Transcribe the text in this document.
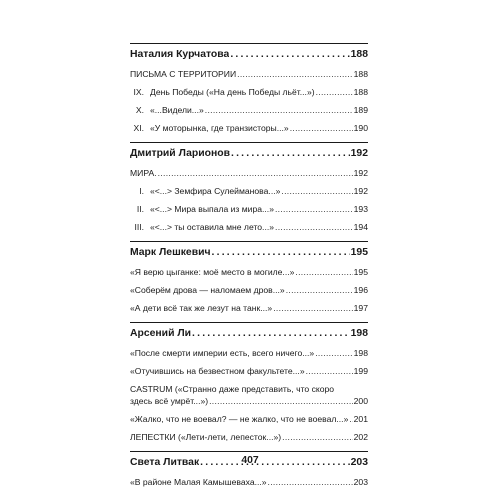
Наталия Курчатова .....	188
ПИСЬМА С ТЕРРИТОРИИ .....	188
IX. День Победы («На день Победы льёт...») .....	188
X. «...Видели...» .....	189
XI. «У моторынка, где транзисторы...» .....	190
Дмитрий Ларионов .....	192
МИРА. .....	192
I. «<...> Земфира Сулейманова...» .....	192
II. «<...> Мира выпала из мира...» .....	193
III. «<...> ты оставила мне лето...» .....	194
Марк Лешкевич .....	195
«Я верю цыганке: моё место в могиле...» .....	195
«Соберём дрова — наломаем дров...» .....	196
«А дети всё так же лезут на танк...» .....	197
Арсений Ли .....	198
«После смерти империи есть, всего ничего...» .....	198
«Отучившись на безвестном факультете...» .....	199
CASTRUM («Странно даже представить, что скоро
здесь всё умрёт...») .....	200
«Жалко, что не воевал? — не жалко, что не воевал...» ..... 201
ЛЕПЕСТКИ («Лети-лети, лепесток...») .....	202
Света Литвак .....	203
«В районе Малая Камышеваха...» .....	203
407
